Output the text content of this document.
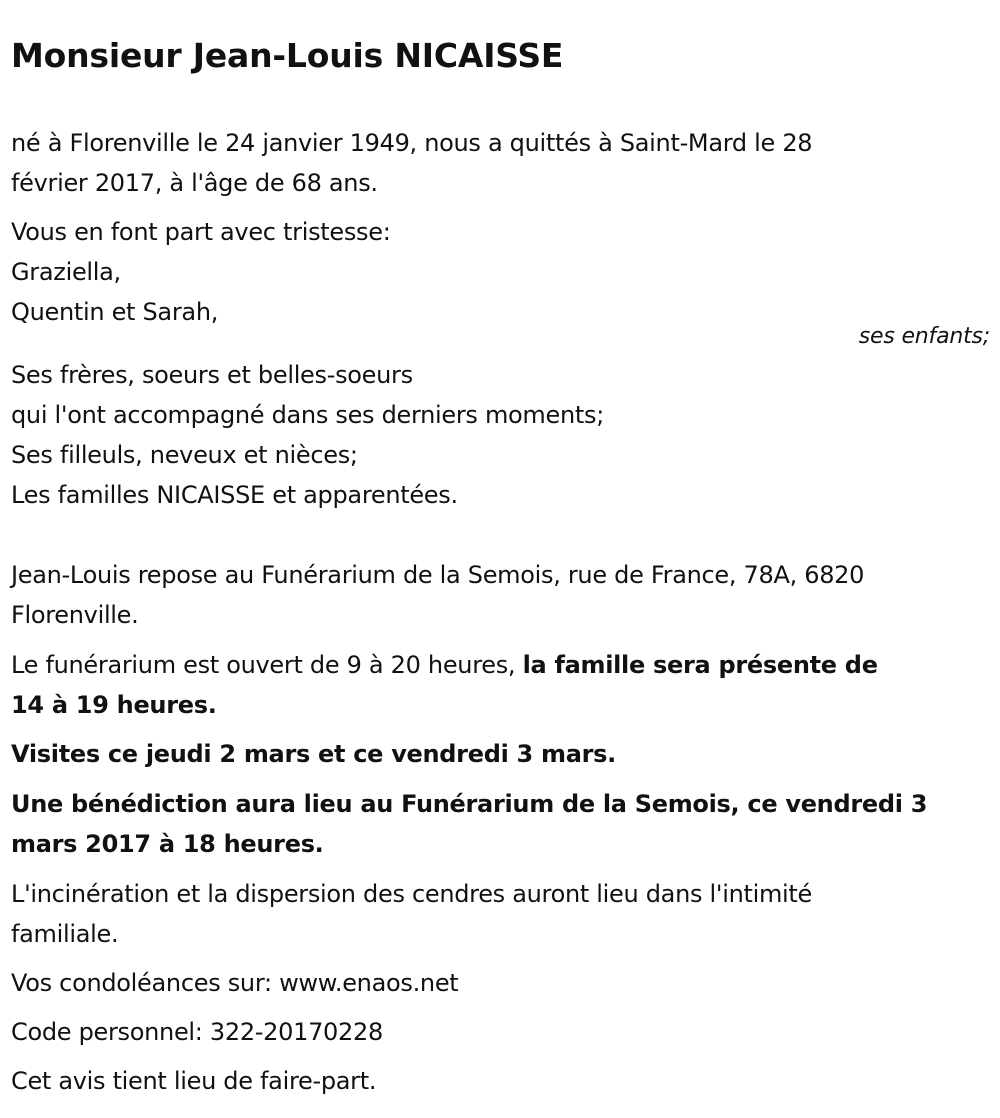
Monsieur Jean-Louis NICAISSE

né à Florenville le 24 janvier 1949, nous a quittés à Saint-Mard le 28

février 2017, à l'âge de 68 ans.

Vous en font part avec tristesse:

Graziella,

Quentin et Sarah,

ses enfants;

Ses frères, soeurs et belles-soeurs

qui l'ont accompagné dans ses derniers moments;

Ses filleuls, neveux et nièces;

Les familles NICAISSE et apparentées.

Jean-Louis repose au Funérarium de la Semois, rue de France, 78A, 6820

Florenville.

Le funérarium est ouvert de 9 à 20 heures, la famille sera présente de

14 à 19 heures.

Visites ce jeudi 2 mars et ce vendredi 3 mars.

Une bénédiction aura lieu au Funérarium de la Semois, ce vendredi 3

mars 2017 à 18 heures.

L'incinération et la dispersion des cendres auront lieu dans l'intimité

familiale.

Vos condoléances sur: www.enaos.net

Code personnel: 322-20170228

Cet avis tient lieu de faire-part.
